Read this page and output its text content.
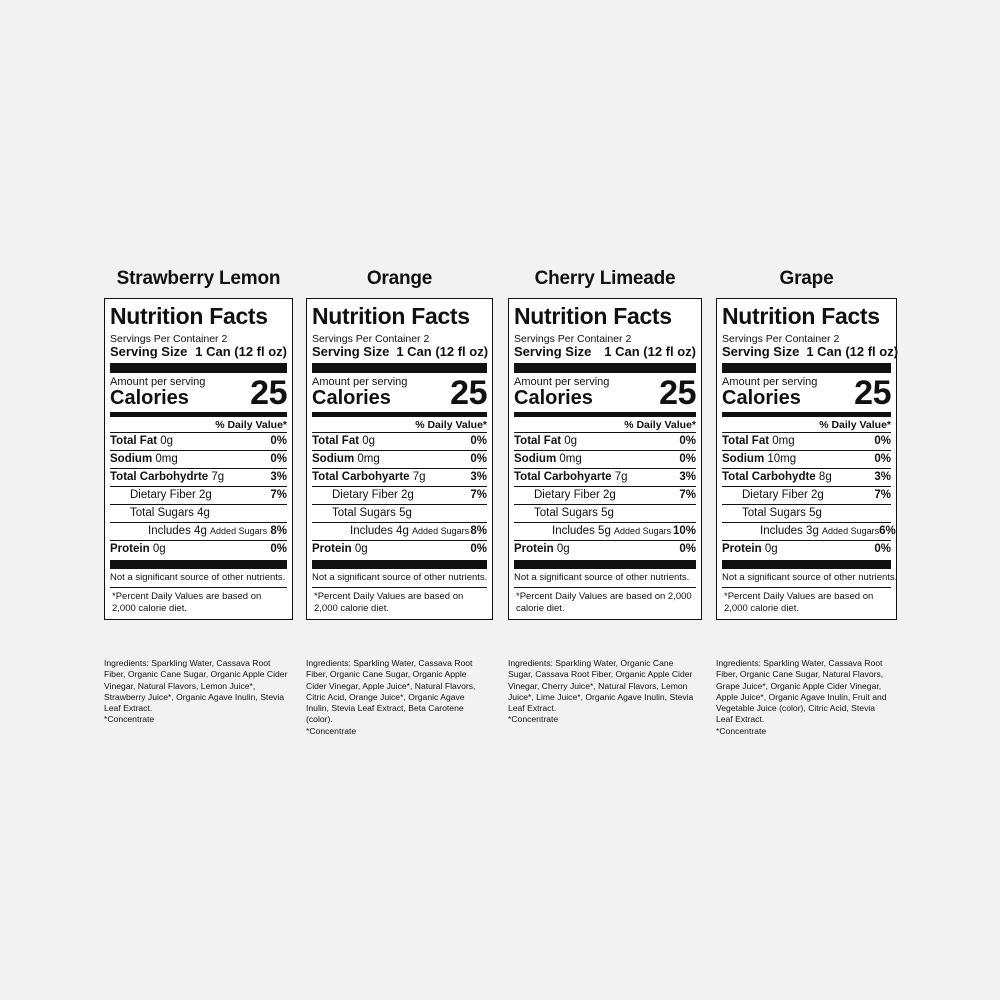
Strawberry Lemon
Nutrition Facts
Servings Per Container 2
Serving Size 1 Can (12 fl oz)
Amount per serving
Calories	25
% Daily Value*
Total Fat 0g	0%
Sodium 0mg	0%
Total Carbohydrte 7g	3%
Dietary Fiber 2g	7%
Total Sugars 4g
Includes 4g Added Sugars 8%
Protein 0g	0%
Not a significant source of other nutrients.
*Percent Daily Values are based on 2,000 calorie diet.
Ingredients: Sparkling Water, Cassava Root Fiber, Organic Cane Sugar, Organic Apple Cider Vinegar, Natural Flavors, Lemon Juice*, Strawberry Juice*, Organic Agave Inulin, Stevia Leaf Extract.
*Concentrate
Orange
Nutrition Facts
Servings Per Container 2
Serving Size 1 Can (12 fl oz)
Amount per serving
Calories	25
% Daily Value*
Total Fat 0g	0%
Sodium 0mg	0%
Total Carbohyarte 7g	3%
Dietary Fiber 2g	7%
Total Sugars 5g
Includes 4g Added Sugars 8%
Protein 0g	0%
Not a significant source of other nutrients.
*Percent Daily Values are based on 2,000 calorie diet.
Ingredients: Sparkling Water, Cassava Root Fiber, Organic Cane Sugar, Organic Apple Cider Vinegar, Apple Juice*, Natural Flavors, Citric Acid, Orange Juice*, Organic Agave Inulin, Stevia Leaf Extract, Beta Carotene (color).
*Concentrate
Cherry Limeade
Nutrition Facts
Servings Per Container 2
Serving Size 1 Can (12 fl oz)
Amount per serving
Calories	25
% Daily Value*
Total Fat 0g	0%
Sodium 0mg	0%
Total Carbohyarte 7g	3%
Dietary Fiber 2g	7%
Total Sugars 5g
Includes 5g Added Sugars 10%
Protein 0g	0%
Not a significant source of other nutrients.
*Percent Daily Values are based on 2,000 calorie diet.
Ingredients: Sparkling Water, Organic Cane Sugar, Cassava Root Fiber, Organic Apple Cider Vinegar, Cherry Juice*, Natural Flavors, Lemon Juice*, Lime Juice*, Organic Agave Inulin, Stevia Leaf Extract.
*Concentrate
Grape
Nutrition Facts
Servings Per Container 2
Serving Size 1 Can (12 fl oz)
Amount per serving
Calories	25
% Daily Value*
Total Fat 0mg	0%
Sodium 10mg	0%
Total Carbohydte 8g	3%
Dietary Fiber 2g	7%
Total Sugars 5g
Includes 3g Added Sugars 6%
Protein 0g	0%
Not a significant source of other nutrients.
*Percent Daily Values are based on 2,000 calorie diet.
Ingredients: Sparkling Water, Cassava Root Fiber, Organic Cane Sugar, Natural Flavors, Grape Juice*, Organic Apple Cider Vinegar, Apple Juice*, Organic Agave Inulin, Fruit and Vegetable Juice (color), Citric Acid, Stevia Leaf Extract.
*Concentrate
